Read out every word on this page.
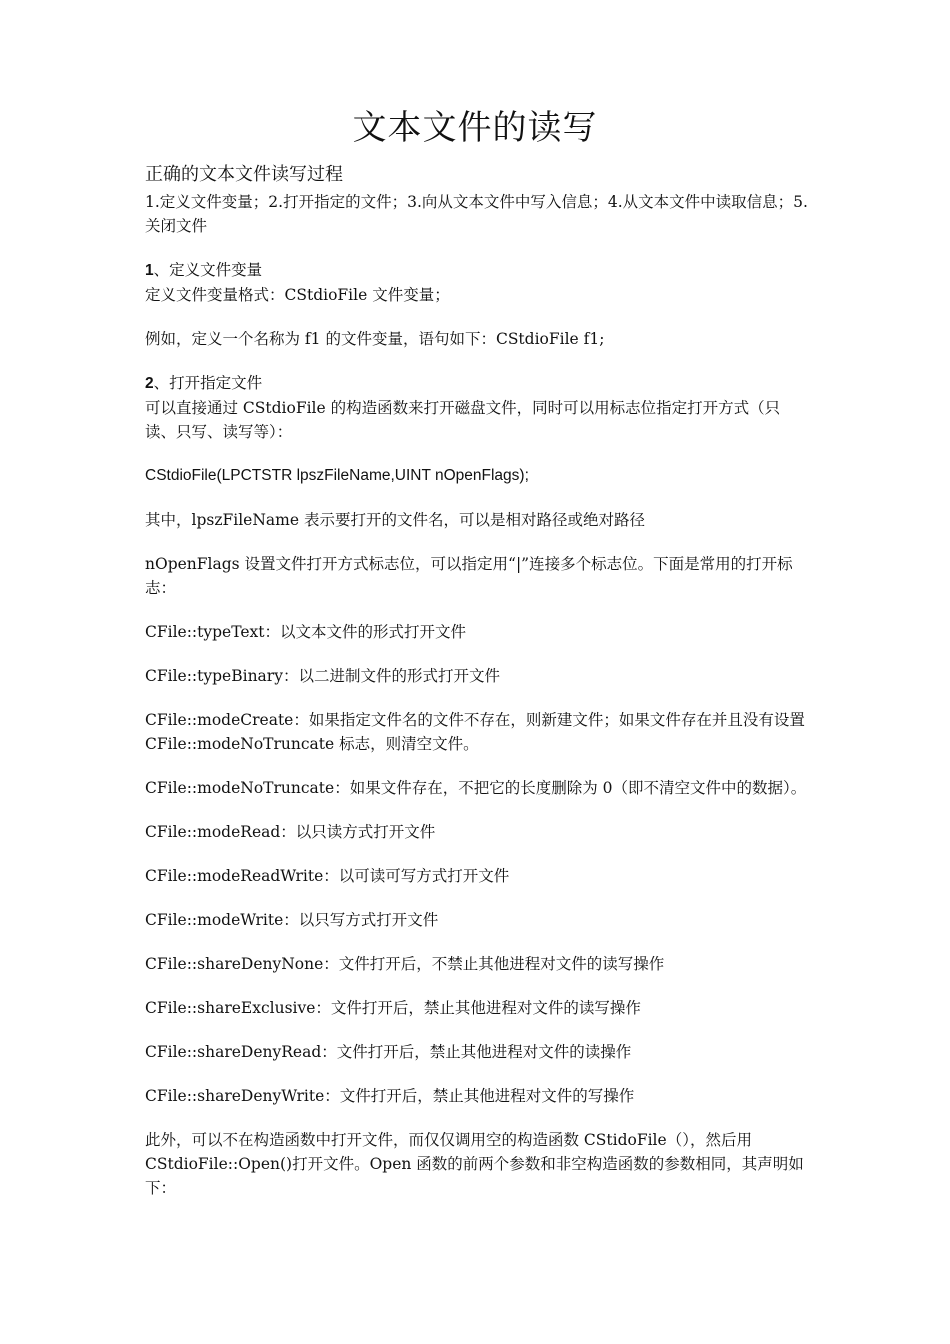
文本文件的读写

正确的文本文件读写过程

1.定义文件变量；2.打开指定的文件；3.向从文本文件中写入信息；4.从文本文件中读取信息；5.关闭文件

1、定义文件变量

定义文件变量格式：CStdioFile 文件变量；

例如，定义一个名称为 f1 的文件变量，语句如下：CStdioFile f1;

2、打开指定文件

可以直接通过 CStdioFile 的构造函数来打开磁盘文件，同时可以用标志位指定打开方式（只读、只写、读写等）：

CStdioFile(LPCTSTR lpszFileName,UINT nOpenFlags);

其中，lpszFileName 表示要打开的文件名，可以是相对路径或绝对路径

nOpenFlags 设置文件打开方式标志位，可以指定用“|”连接多个标志位。下面是常用的打开标志：

CFile::typeText：以文本文件的形式打开文件

CFile::typeBinary：以二进制文件的形式打开文件

CFile::modeCreate：如果指定文件名的文件不存在，则新建文件；如果文件存在并且没有设置 CFile::modeNoTruncate 标志，则清空文件。

CFile::modeNoTruncate：如果文件存在，不把它的长度删除为 0（即不清空文件中的数据）。

CFile::modeRead：以只读方式打开文件

CFile::modeReadWrite：以可读可写方式打开文件

CFile::modeWrite：以只写方式打开文件

CFile::shareDenyNone：文件打开后，不禁止其他进程对文件的读写操作

CFile::shareExclusive：文件打开后，禁止其他进程对文件的读写操作

CFile::shareDenyRead：文件打开后，禁止其他进程对文件的读操作

CFile::shareDenyWrite：文件打开后，禁止其他进程对文件的写操作

此外，可以不在构造函数中打开文件，而仅仅调用空的构造函数 CStidoFile（），然后用 CStdioFile::Open()打开文件。Open 函数的前两个参数和非空构造函数的参数相同，其声明如下：
